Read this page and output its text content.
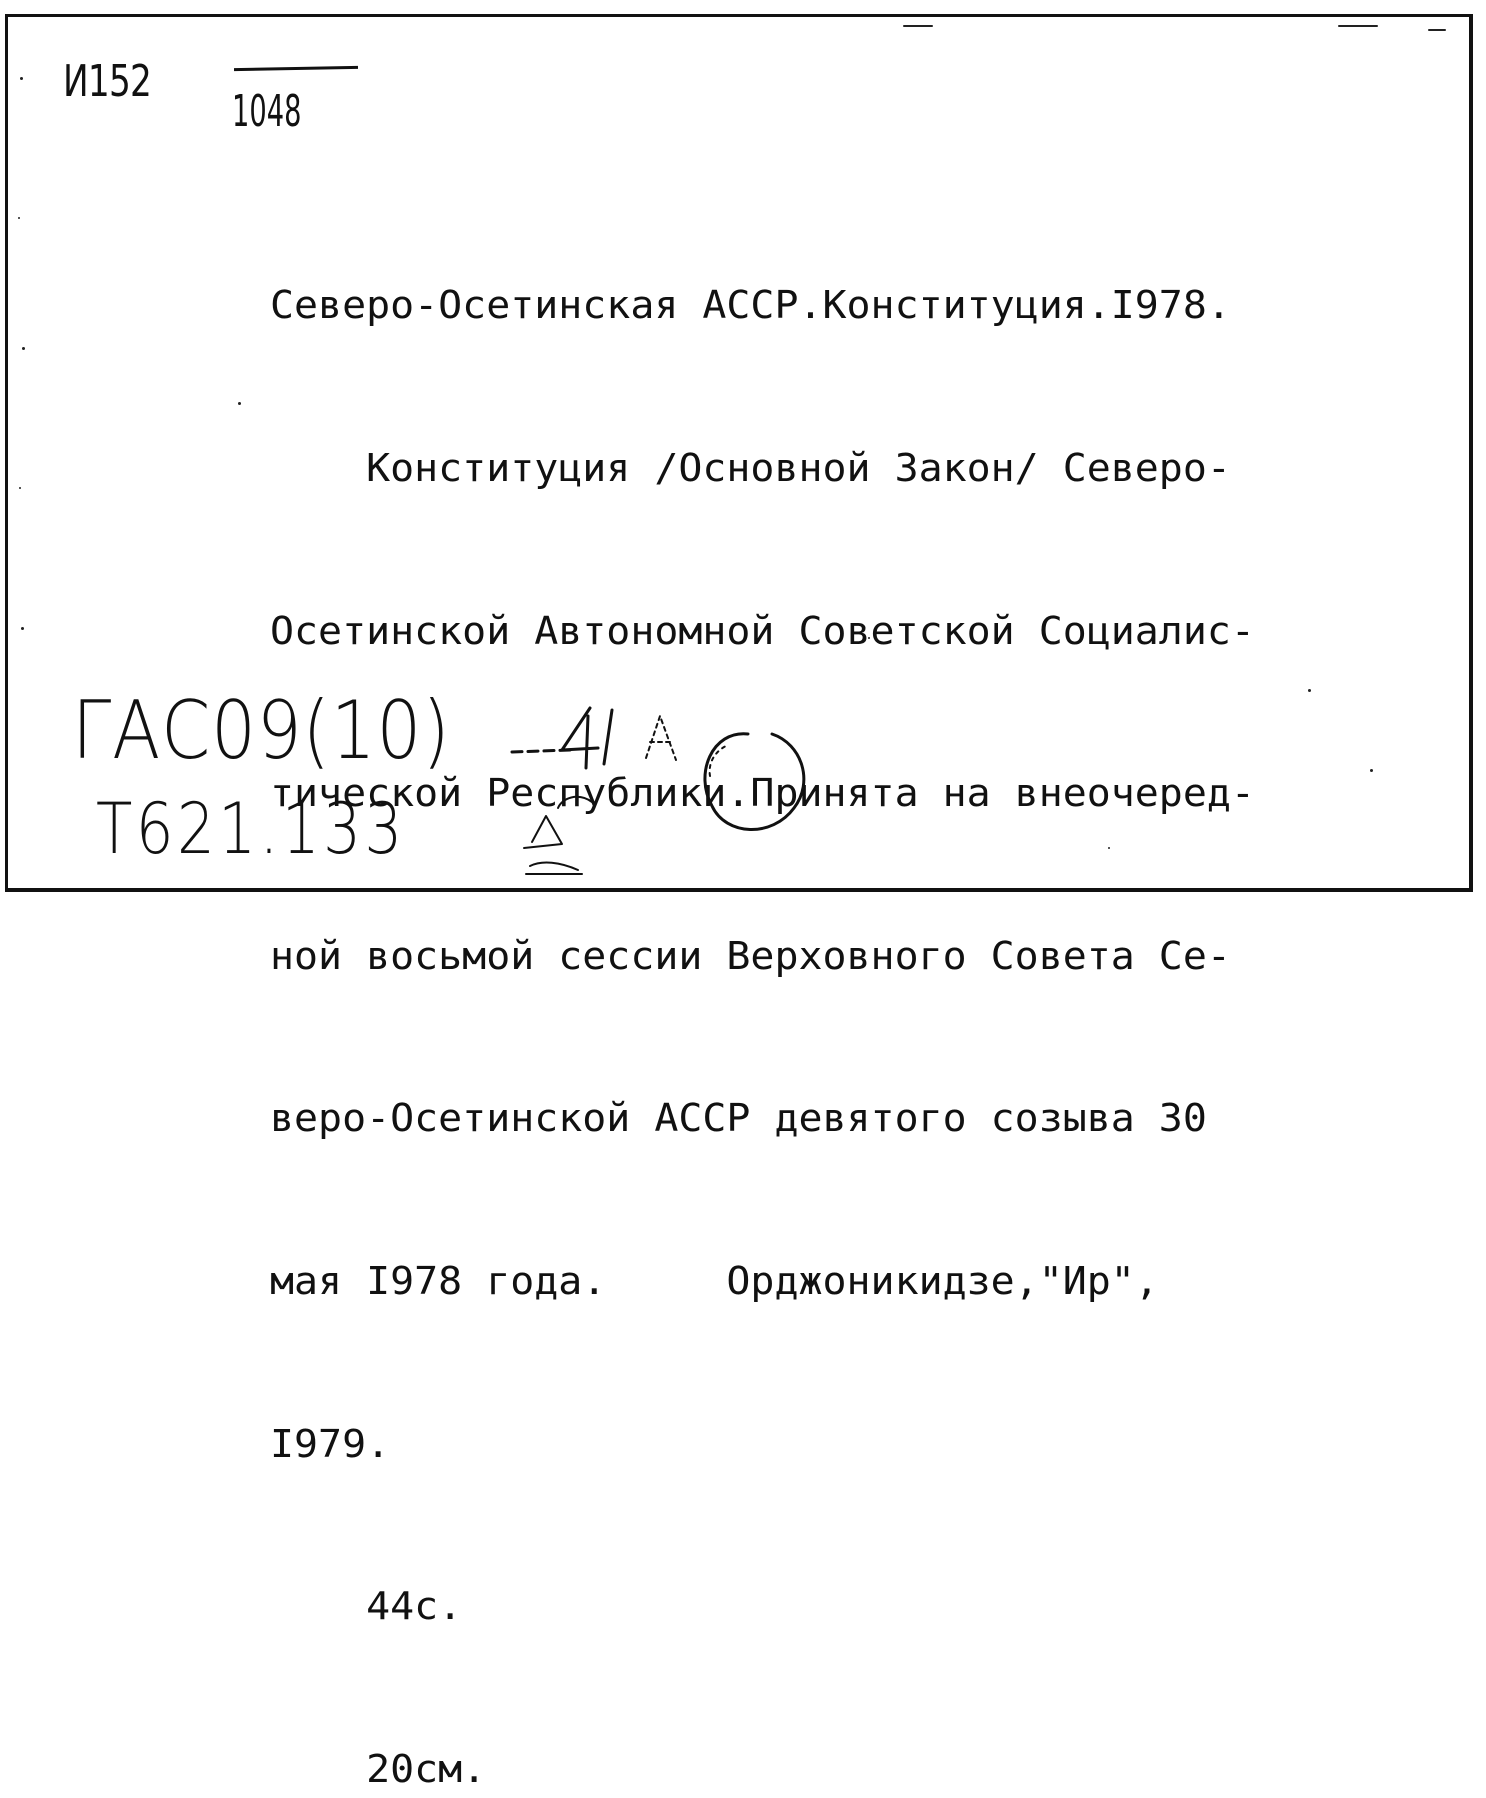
И152
1048

Северо-Осетинская АССР.Конституция.I978.

Конституция /Основной Закон/ Северо-

Осетинской Автономной Советской Социалис-

тической Республики.Принята на внеочеред-

ной восьмой сессии Верховного Совета Се-

веро-Осетинской АССР девятого созыва 30

мая I978 года.     Орджоникидзе,"Ир",

I979.

44с.

20см.

ГАС09(10)
Т621.133
